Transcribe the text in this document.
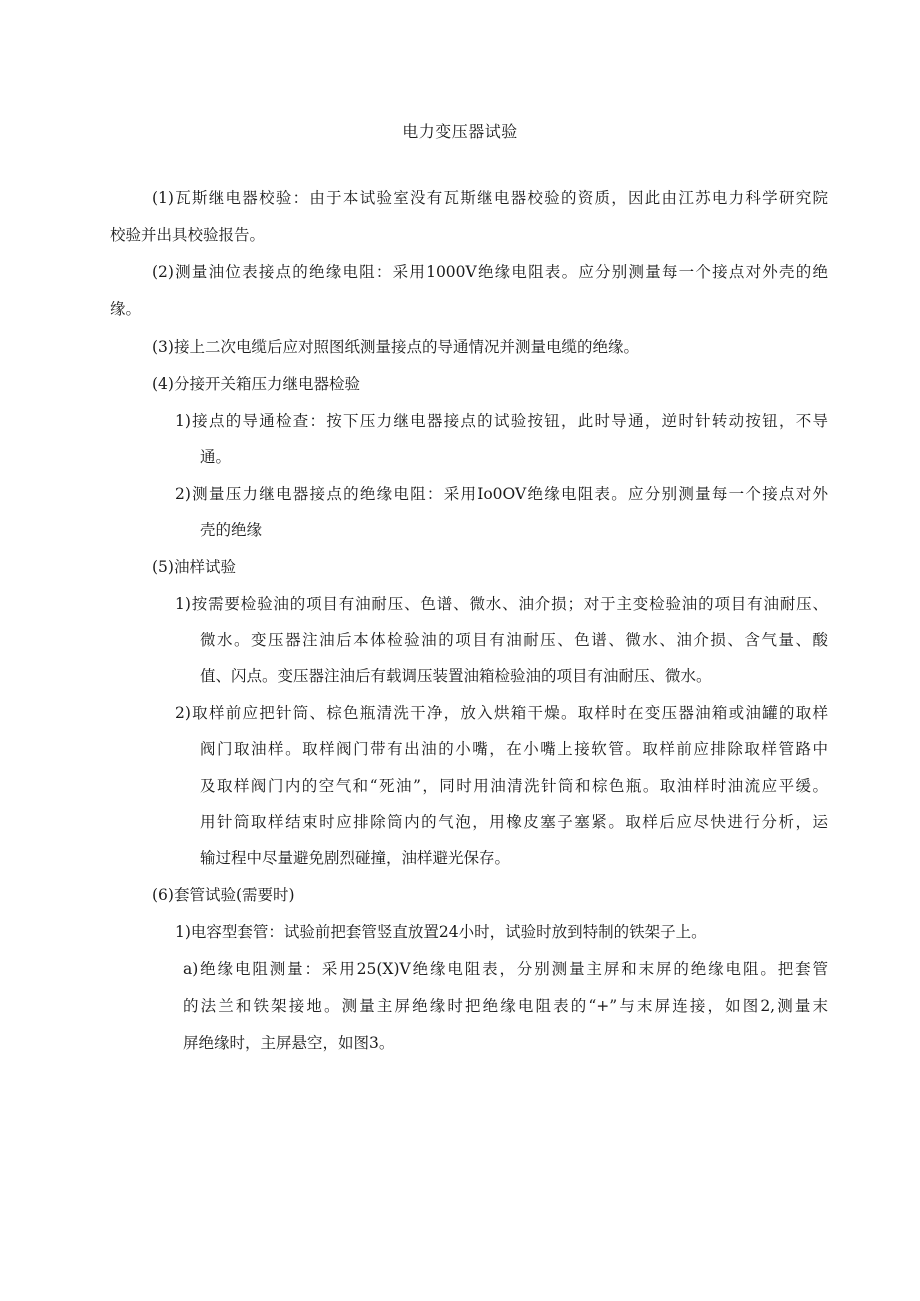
电力变压器试验
(1)瓦斯继电器校验：由于本试验室没有瓦斯继电器校验的资质，因此由江苏电力科学研究院
校验并出具校验报告。
(2)测量油位表接点的绝缘电阻：采用1000V绝缘电阻表。应分别测量每一个接点对外壳的绝
缘。
(3)接上二次电缆后应对照图纸测量接点的导通情况并测量电缆的绝缘。
(4)分接开关箱压力继电器检验
1)接点的导通检查：按下压力继电器接点的试验按钮，此时导通，逆时针转动按钮，不导
通。
2)测量压力继电器接点的绝缘电阻：采用Io0OV绝缘电阻表。应分别测量每一个接点对外
壳的绝缘
(5)油样试验
1)按需要检验油的项目有油耐压、色谱、微水、油介损；对于主变检验油的项目有油耐压、
微水。变压器注油后本体检验油的项目有油耐压、色谱、微水、油介损、含气量、酸
值、闪点。变压器注油后有载调压装置油箱检验油的项目有油耐压、微水。
2)取样前应把针筒、棕色瓶清洗干净，放入烘箱干燥。取样时在变压器油箱或油罐的取样
阀门取油样。取样阀门带有出油的小嘴，在小嘴上接软管。取样前应排除取样管路中
及取样阀门内的空气和“死油”，同时用油清洗针筒和棕色瓶。取油样时油流应平缓。
用针筒取样结束时应排除筒内的气泡，用橡皮塞子塞紧。取样后应尽快进行分析，运
输过程中尽量避免剧烈碰撞，油样避光保存。
(6)套管试验(需要时)
1)电容型套管：试验前把套管竖直放置24小时，试验时放到特制的铁架子上。
a)绝缘电阻测量：采用25(X)V绝缘电阻表，分别测量主屏和末屏的绝缘电阻。把套管
的法兰和铁架接地。测量主屏绝缘时把绝缘电阻表的“+”与末屏连接，如图2,测量末
屏绝缘时，主屏悬空，如图3。
